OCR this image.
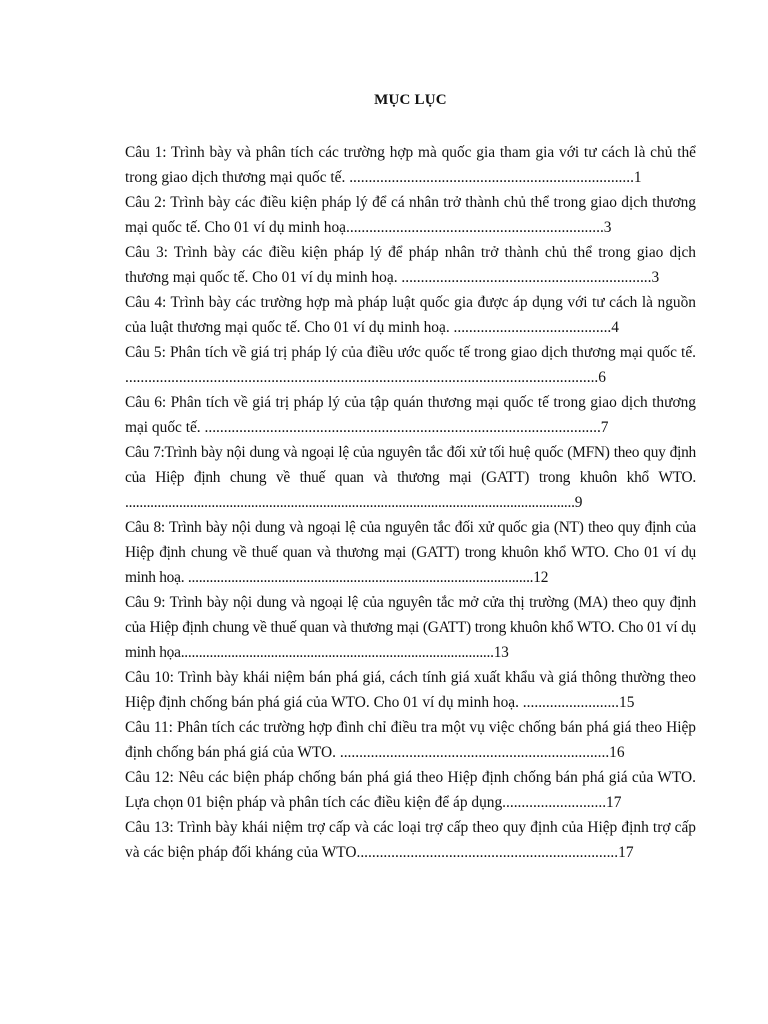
MỤC LỤC
Câu 1: Trình bày và phân tích các trường hợp mà quốc gia tham gia với tư cách là chủ thể trong giao dịch thương mại quốc tế. ..........................................................................1
Câu 2: Trình bày các điều kiện pháp lý để cá nhân trở thành chủ thể trong giao dịch thương mại quốc tế. Cho 01 ví dụ minh hoạ...................................................................3
Câu 3: Trình bày các điều kiện pháp lý để pháp nhân trở thành chủ thể trong giao dịch thương mại quốc tế. Cho 01 ví dụ minh hoạ. .................................................................3
Câu 4: Trình bày các trường hợp mà pháp luật quốc gia được áp dụng với tư cách là nguồn của luật thương mại quốc tế. Cho 01 ví dụ minh hoạ. .........................................4
Câu 5: Phân tích về giá trị pháp lý của điều ước quốc tế trong giao dịch thương mại quốc tế. ...........................................................................................................................6
Câu 6: Phân tích về giá trị pháp lý của tập quán thương mại quốc tế trong giao dịch thương mại quốc tế. .......................................................................................................7
Câu 7:Trình bày nội dung và ngoại lệ của nguyên tắc đối xử tối huệ quốc (MFN) theo quy định của Hiệp định chung về thuế quan và thương mại (GATT) trong khuôn khổ WTO. .............................................................................................................................9
Câu 8: Trình bày nội dung và ngoại lệ của nguyên tắc đối xử quốc gia (NT) theo quy định của Hiệp định chung về thuế quan và thương mại (GATT) trong khuôn khổ WTO. Cho 01 ví dụ minh hoạ. ................................................................................................12
Câu 9: Trình bày nội dung và ngoại lệ của nguyên tắc mở cửa thị trường (MA) theo quy định của Hiệp định chung về thuế quan và thương mại (GATT) trong khuôn khổ WTO. Cho 01 ví dụ minh họa.......................................................................................13
Câu 10: Trình bày khái niệm bán phá giá, cách tính giá xuất khẩu và giá thông thường theo Hiệp định chống bán phá giá của WTO. Cho 01 ví dụ minh hoạ. .........................15
Câu 11: Phân tích các trường hợp đình chỉ điều tra một vụ việc chống bán phá giá theo Hiệp định chống bán phá giá của WTO. ......................................................................16
Câu 12: Nêu các biện pháp chống bán phá giá theo Hiệp định chống bán phá giá của WTO. Lựa chọn 01 biện pháp và phân tích các điều kiện để áp dụng...........................17
Câu 13: Trình bày khái niệm trợ cấp và các loại trợ cấp theo quy định của Hiệp định trợ cấp và các biện pháp đối kháng của WTO....................................................................17
